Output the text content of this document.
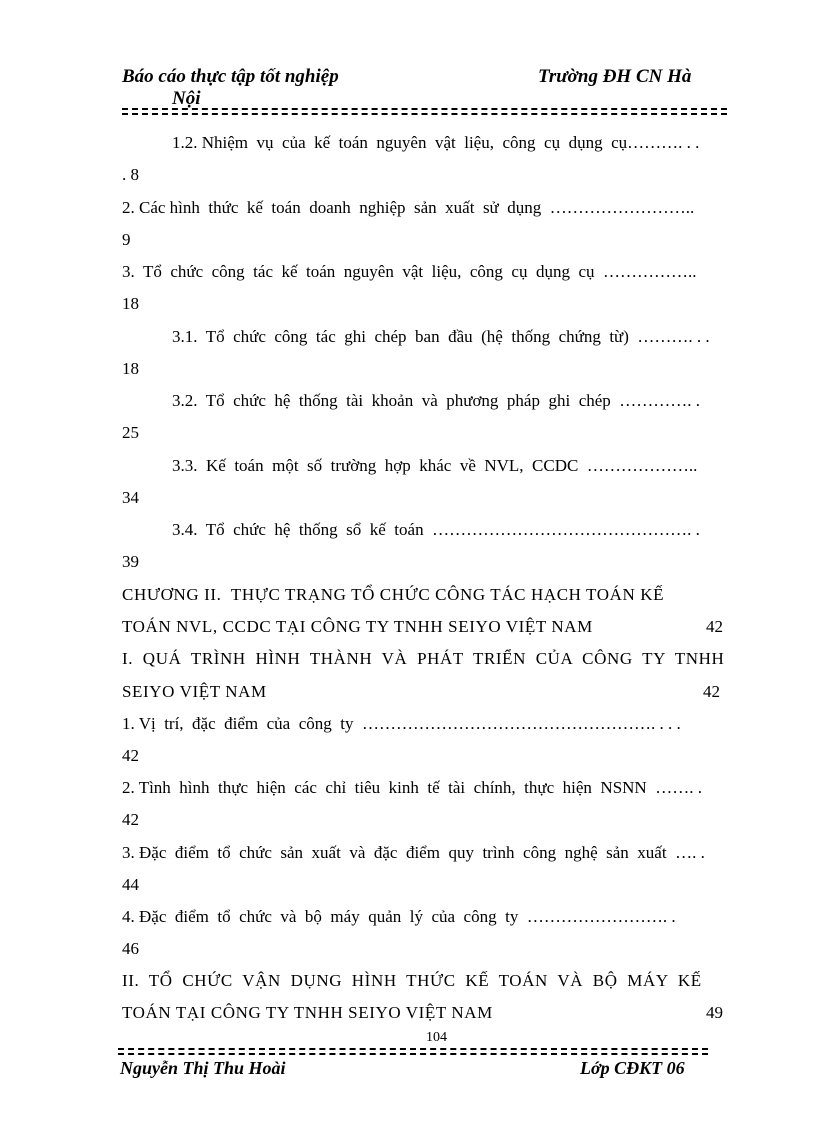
Báo cáo thực tập tốt nghiệp
Nội
Trường ĐH CN Hà
1.2. Nhiệm  vụ  của  kế  toán  nguyên  vật  liệu,  công  cụ  dụng  cụ………. . .
. 8
2. Các hình  thức  kế  toán  doanh  nghiệp  sản  xuất  sử  dụng  ……………………..
9
3.  Tổ  chức  công  tác  kế  toán  nguyên  vật  liệu,  công  cụ  dụng  cụ  ……………..
18
3.1.  Tổ  chức  công  tác  ghi  chép  ban  đầu  (hệ  thống  chứng  từ)  ………. . .
18
3.2.  Tổ  chức  hệ  thống  tài  khoản  và  phương  pháp  ghi  chép  …………. .
25
3.3.  Kế  toán  một  số  trường  hợp  khác  về  NVL,  CCDC  ………………..
34
3.4.  Tổ  chức  hệ  thống  sổ  kế  toán  ………………………………………. .
39
CHƯƠNG II.  THỰC TRẠNG TỔ CHỨC CÔNG TÁC HẠCH TOÁN KẾ
TOÁN NVL, CCDC TẠI CÔNG TY TNHH SEIYO VIỆT NAM	42
I.  QUÁ  TRÌNH  HÌNH  THÀNH  VÀ  PHÁT  TRIỂN  CỦA  CÔNG  TY  TNHH
SEIYO VIỆT NAM	42
1. Vị  trí,  đặc  điểm  của  công  ty  ……………………………………………. . . .
42
2. Tình  hình  thực  hiện  các  chỉ  tiêu  kinh  tế  tài  chính,  thực  hiện  NSNN  ……. .
42
3. Đặc  điểm  tổ  chức  sản  xuất  và  đặc  điểm  quy  trình  công  nghệ  sản  xuất  …. .
44
4. Đặc  điểm  tổ  chức  và  bộ  máy  quản  lý  của  công  ty  ……………………. .
46
II.  TỔ  CHỨC  VẬN  DỤNG  HÌNH  THỨC  KẾ  TOÁN  VÀ  BỘ  MÁY  KẾ
TOÁN TẠI CÔNG TY TNHH SEIYO VIỆT NAM	49
104
Nguyễn Thị Thu Hoài	Lớp CĐKT 06
